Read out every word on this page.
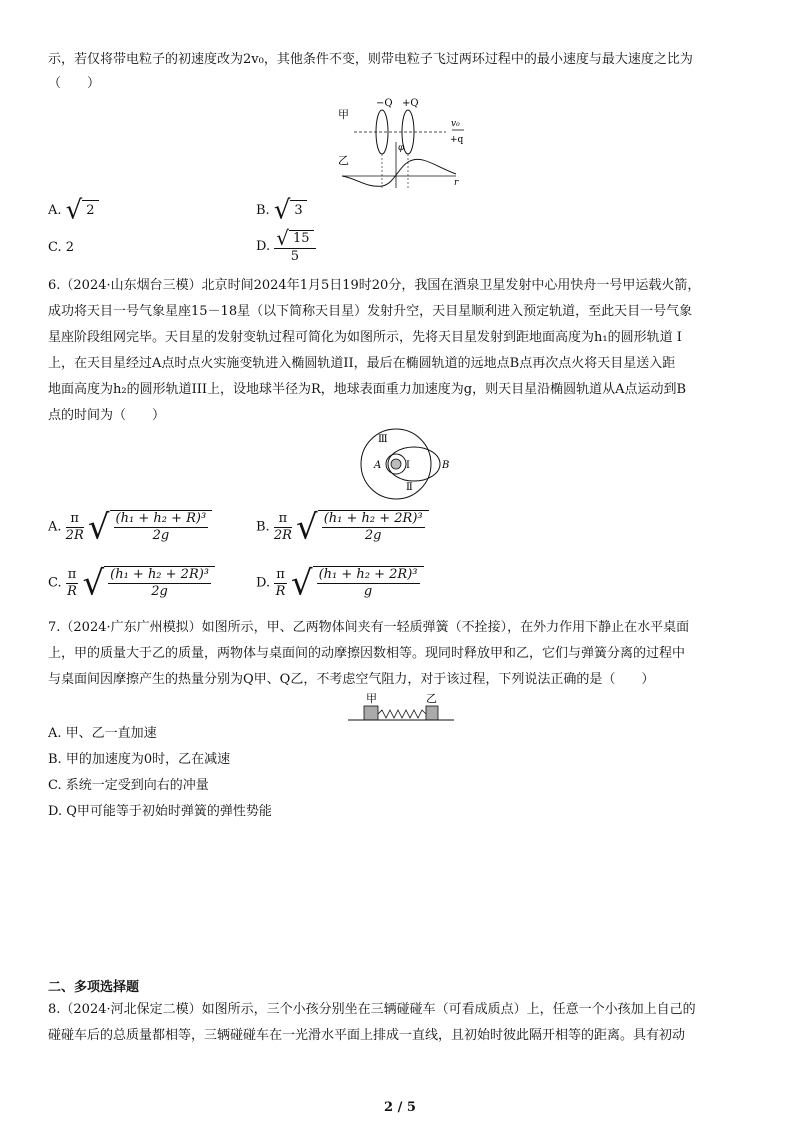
示，若仅将带电粒子的初速度改为2v₀，其他条件不变，则带电粒子飞过两环过程中的最小速度与最大速度之比为
（　　）
甲
−Q +Q
v₀
+q
乙
φ
r
A. √ 2	B. √ 3
C. 2	D. $\frac{√ 15}{5}$
6.（2024·山东烟台三模）北京时间2024年1月5日19时20分，我国在酒泉卫星发射中心用快舟一号甲运载火箭，
成功将天目一号气象星座15－18星（以下简称天目星）发射升空，天目星顺利进入预定轨道，至此天目一号气象
星座阶段组网完毕。天目星的发射变轨过程可简化为如图所示，先将天目星发射到距地面高度为h₁的圆形轨道 I
上，在天目星经过A点时点火实施变轨进入椭圆轨道II，最后在椭圆轨道的远地点B点再次点火将天目星送入距
地面高度为h₂的圆形轨道III上，设地球半径为R，地球表面重力加速度为g，则天目星沿椭圆轨道从A点运动到B
点的时间为（　　）
Ⅲ
A Ⅰ	B
Ⅱ
A. $\frac{\pi}{2R}$ √ $\frac{\text{(h₁ + h₂ + R)³}}{2g}$	B. $\frac{\pi}{2R}$ √ $\frac{\text{(h₁ + h₂ + 2R)³}}{2g}$
C. $\frac{\pi}{R}$ √ $\frac{\text{(h₁ + h₂ + 2R)³}}{2g}$	D. $\frac{\pi}{R}$ √ $\frac{\text{(h₁ + h₂ + 2R)³}}{g}$
7.（2024·广东广州模拟）如图所示，甲、乙两物体间夹有一轻质弹簧（不拴接），在外力作用下静止在水平桌面
上，甲的质量大于乙的质量，两物体与桌面间的动摩擦因数相等。现同时释放甲和乙，它们与弹簧分离的过程中
与桌面间因摩擦产生的热量分别为Q甲、Q乙，不考虑空气阻力，对于该过程，下列说法正确的是（　　）
甲	乙
A. 甲、乙一直加速
B. 甲的加速度为0时，乙在减速
C. 系统一定受到向右的冲量
D. Q甲可能等于初始时弹簧的弹性势能
二、多项选择题
8.（2024·河北保定二模）如图所示，三个小孩分别坐在三辆碰碰车（可看成质点）上，任意一个小孩加上自己的
碰碰车后的总质量都相等，三辆碰碰车在一光滑水平面上排成一直线，且初始时彼此隔开相等的距离。具有初动
2 / 5
